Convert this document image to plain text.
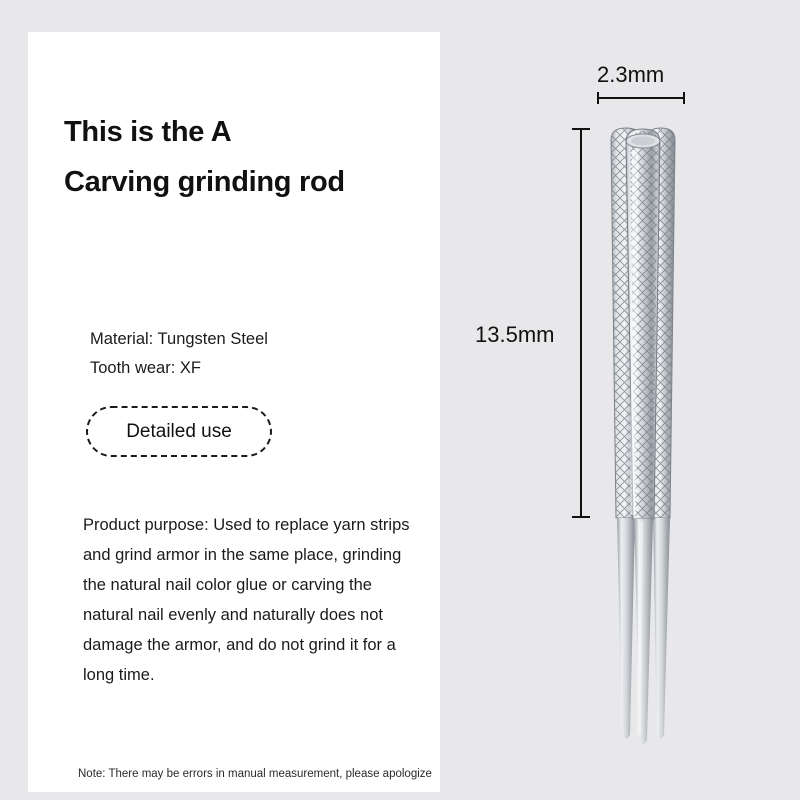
This is the A
Carving grinding rod
Material: Tungsten Steel
Tooth wear: XF
Detailed use
Product purpose: Used to replace yarn strips and grind armor in the same place, grinding the natural nail color glue or carving the natural nail evenly and naturally does not damage the armor, and do not grind it for a long time.
Note: There may be errors in manual measurement, please apologize
2.3mm
13.5mm
